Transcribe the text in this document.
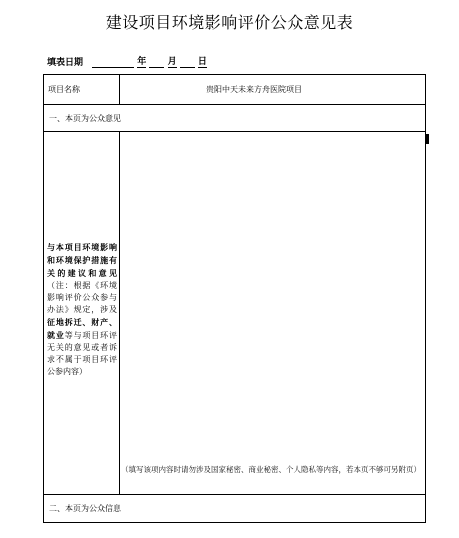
建设项目环境影响评价公众意见表
填表日期	年 月 日
项目名称	贵阳中天未来方舟医院项目
一、本页为公众意见
与本项目环境影响和环境保护措施有关的建议和意见（注：根据《环境影响评价公众参与办法》规定，涉及征地拆迁、财产、就业等与项目环评无关的意见或者诉求不属于项目环评公参内容）
（填写该项内容时请勿涉及国家秘密、商业秘密、个人隐私等内容，若本页不够可另附页）
二、本页为公众信息
